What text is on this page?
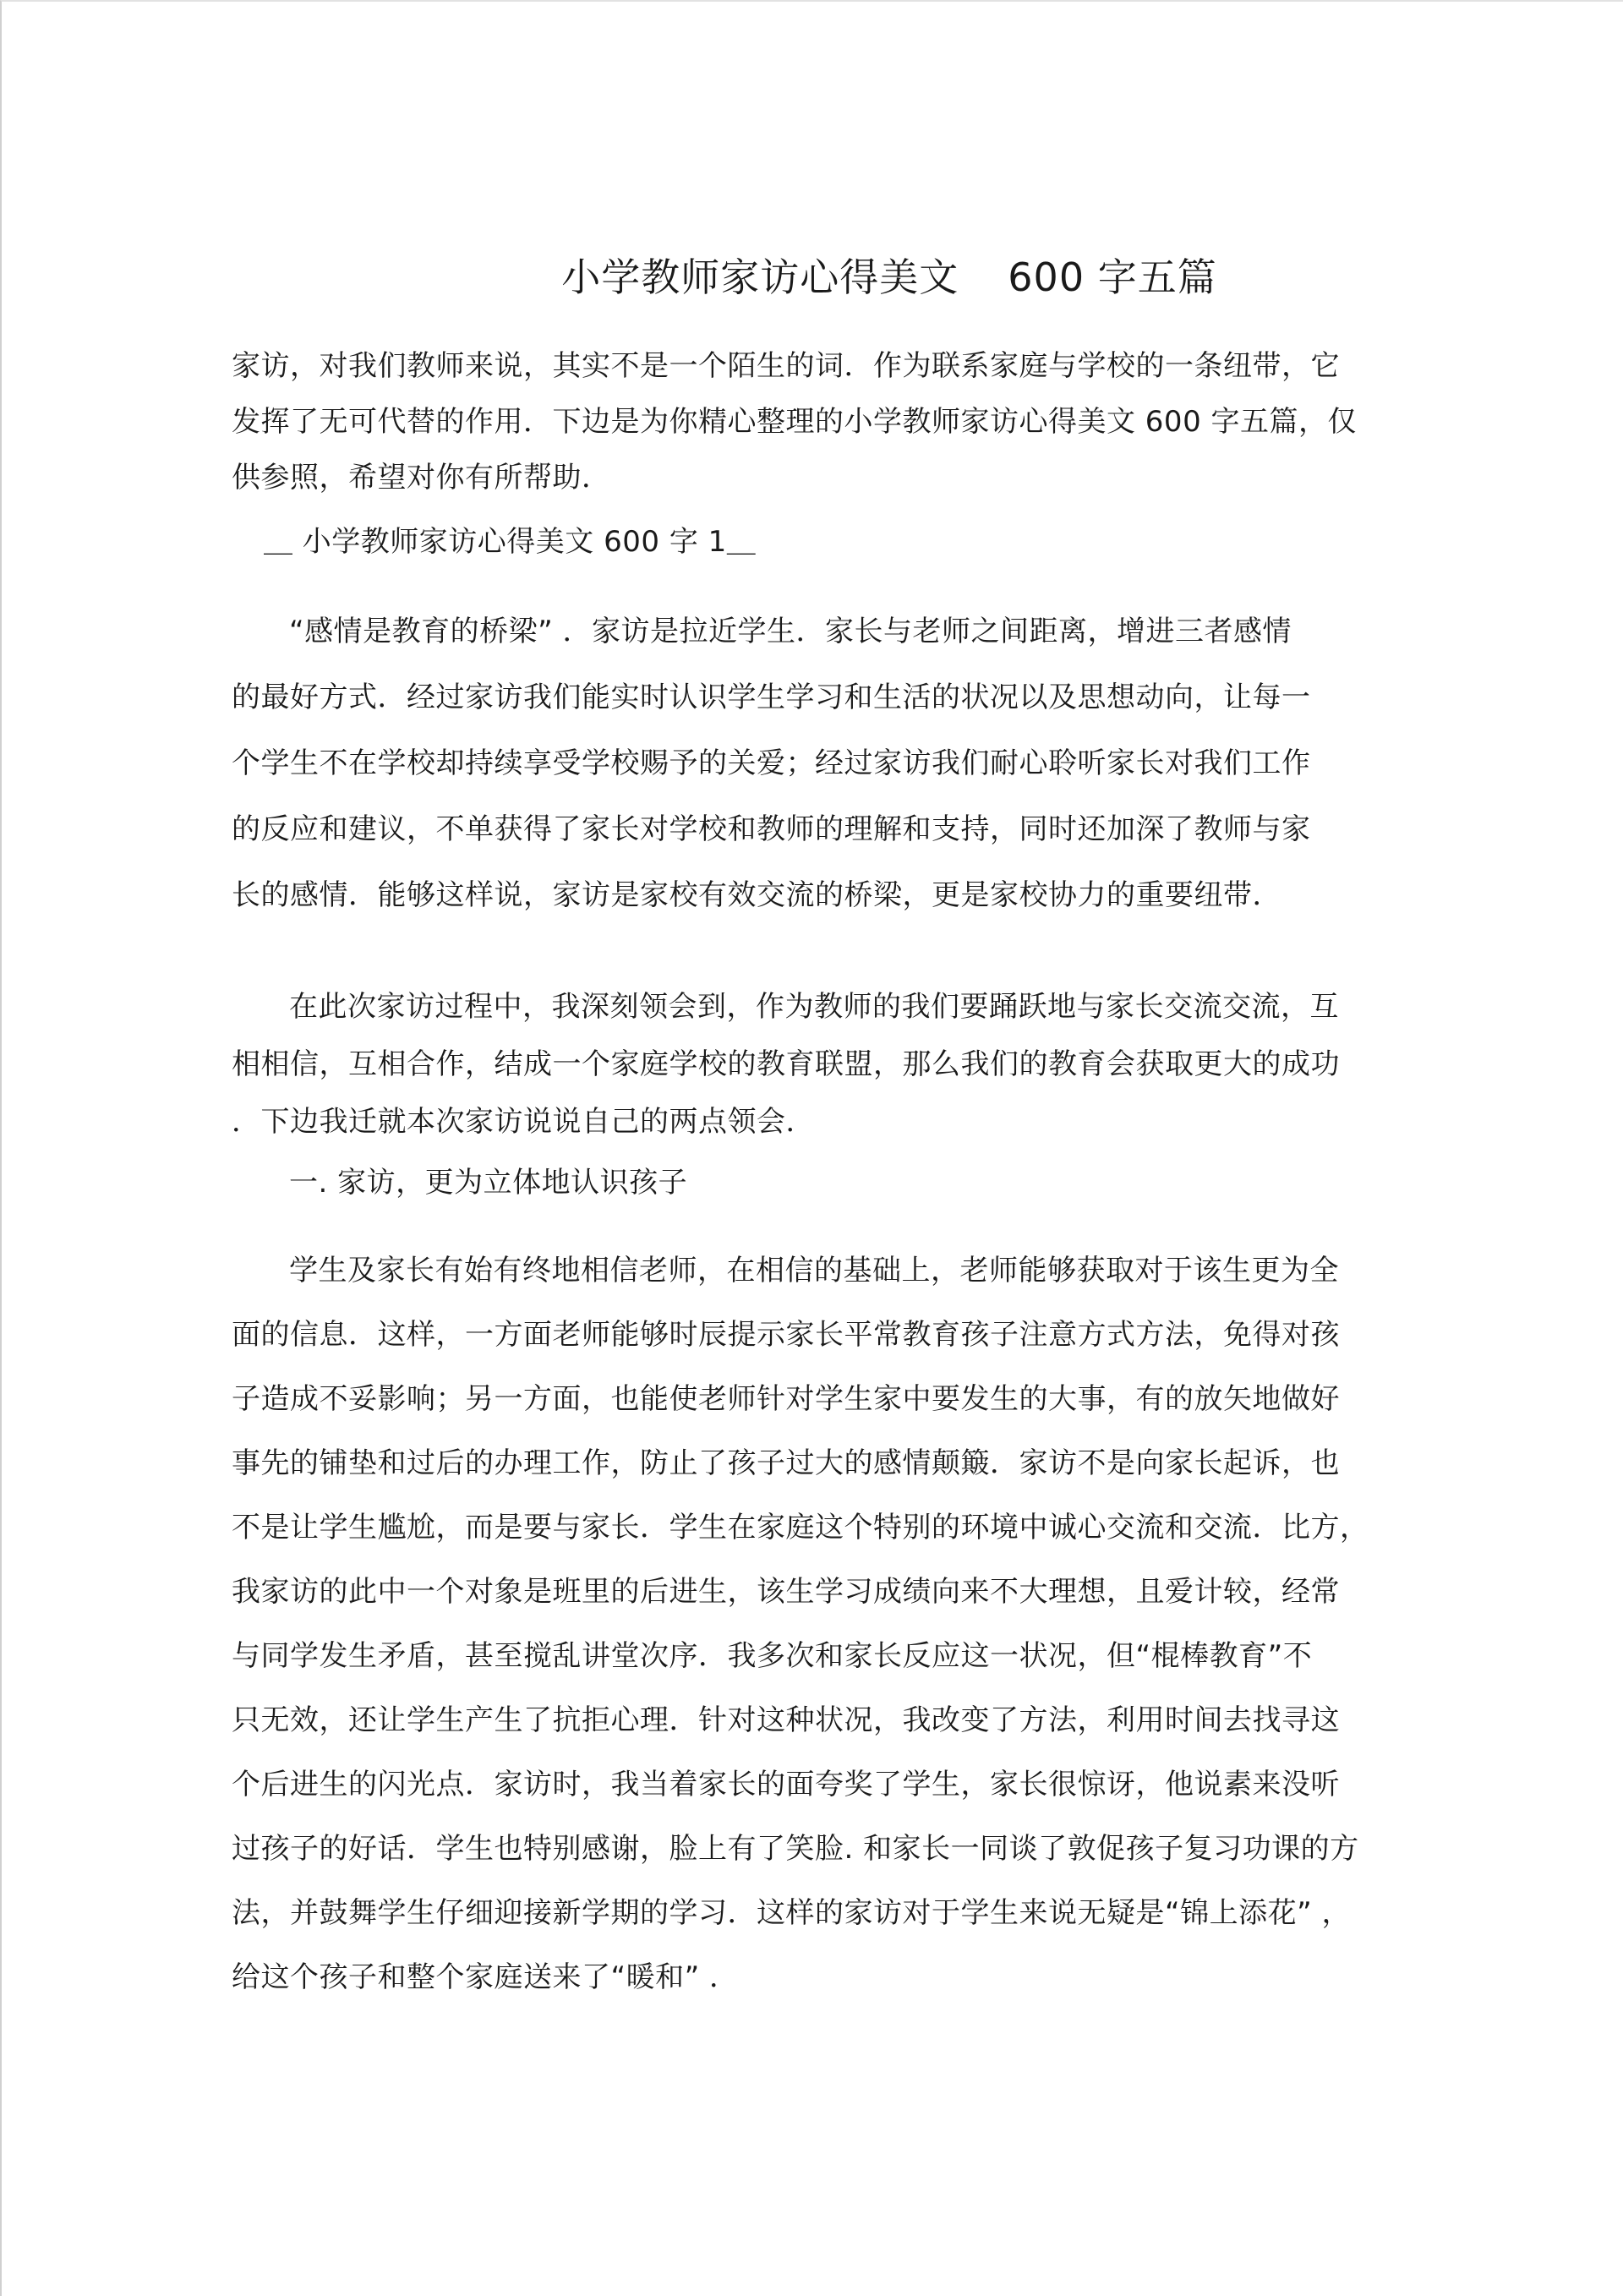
小学教师家访心得美文 600 字五篇
家访，对我们教师来说，其实不是一个陌生的词．作为联系家庭与学校的一条纽带，它
发挥了无可代替的作用．下边是为你精心整理的小学教师家访心得美文 600 字五篇，仅
供参照，希望对你有所帮助．
＿ 小学教师家访心得美文 600 字 1＿
“感情是教育的桥梁” ．家访是拉近学生．家长与老师之间距离，增进三者感情
的最好方式．经过家访我们能实时认识学生学习和生活的状况以及思想动向，让每一
个学生不在学校却持续享受学校赐予的关爱；经过家访我们耐心聆听家长对我们工作
的反应和建议，不单获得了家长对学校和教师的理解和支持，同时还加深了教师与家
长的感情．能够这样说，家访是家校有效交流的桥梁，更是家校协力的重要纽带．
在此次家访过程中，我深刻领会到，作为教师的我们要踊跃地与家长交流交流，互
相相信，互相合作，结成一个家庭学校的教育联盟，那么我们的教育会获取更大的成功
．下边我迁就本次家访说说自己的两点领会．
一. 家访，更为立体地认识孩子
学生及家长有始有终地相信老师，在相信的基础上，老师能够获取对于该生更为全
面的信息．这样，一方面老师能够时辰提示家长平常教育孩子注意方式方法，免得对孩
子造成不妥影响；另一方面，也能使老师针对学生家中要发生的大事，有的放矢地做好
事先的铺垫和过后的办理工作，防止了孩子过大的感情颠簸．家访不是向家长起诉，也
不是让学生尴尬，而是要与家长．学生在家庭这个特别的环境中诚心交流和交流．比方，
我家访的此中一个对象是班里的后进生，该生学习成绩向来不大理想，且爱计较，经常
与同学发生矛盾，甚至搅乱讲堂次序．我多次和家长反应这一状况，但“棍棒教育”不
只无效，还让学生产生了抗拒心理．针对这种状况，我改变了方法，利用时间去找寻这
个后进生的闪光点．家访时，我当着家长的面夸奖了学生，家长很惊讶，他说素来没听
过孩子的好话．学生也特别感谢，脸上有了笑脸. 和家长一同谈了敦促孩子复习功课的方
法，并鼓舞学生仔细迎接新学期的学习．这样的家访对于学生来说无疑是“锦上添花” ，
给这个孩子和整个家庭送来了“暖和” ．
